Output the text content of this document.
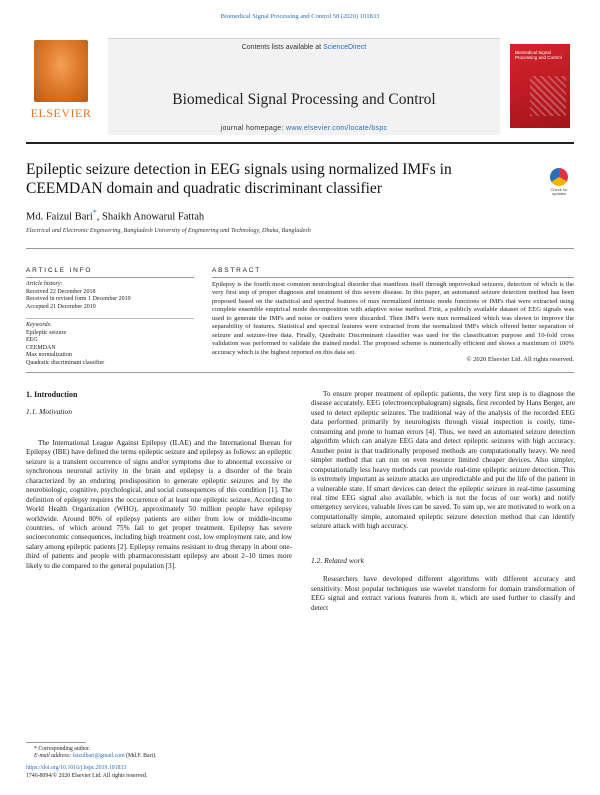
Biomedical Signal Processing and Control 58 (2020) 101833
ELSEVIER
Contents lists available at ScienceDirect
Biomedical Signal Processing and Control
journal homepage: www.elsevier.com/locate/bspc
Biomedical Signal Processing and Control
Epileptic seizure detection in EEG signals using normalized IMFs in CEEMDAN domain and quadratic discriminant classifier	Check for updates
Md. Faizul Bari*, Shaikh Anowarul Fattah
Electrical and Electronic Engineering, Bangladesh University of Engineering and Technology, Dhaka, Bangladesh
ARTICLE INFO	ABSTRACT
Article history:
Received 22 December 2018
Received in revised form 1 December 2019
Accepted 21 December 2019
Keywords:
Epileptic seizure
EEG
CEEMDAN
Max normalization
Quadratic discriminant classifier
Epilepsy is the fourth most common neurological disorder that manifests itself through unprovoked seizures, detection of which is the very first step of proper diagnosis and treatment of this severe disease. In this paper, an automated seizure detection method has been proposed based on the statistical and spectral features of max normalized intrinsic mode functions or IMFs that were extracted using complete ensemble empirical mode decomposition with adaptive noise method. First, a publicly available dataset of EEG signals was used to generate the IMFs and noise or outliers were discarded. Then IMFs were max normalized which was shown to improve the separability of features. Statistical and spectral features were extracted from the normalized IMFs which offered better separation of seizure and seizure-free data. Finally, Quadratic Discriminant classifier was used for the classification purpose and 10-fold cross validation was performed to validate the trained model. The proposed scheme is numerically efficient and shows a maximum of 100% accuracy which is the highest reported on this data set.
© 2020 Elsevier Ltd. All rights reserved.
1. Introduction
1.1. Motivation

The International League Against Epilepsy (ILAE) and the International Bureau for Epilepsy (IBE) have defined the terms epileptic seizure and epilepsy as follows: an epileptic seizure is a transient occurrence of signs and/or symptoms due to abnormal excessive or synchronous neuronal activity in the brain and epilepsy is a disorder of the brain characterized by an enduring predisposition to generate epileptic seizures and by the neurobiologic, cognitive, psychological, and social consequences of this condition [1]. The definition of epilepsy requires the occurrence of at least one epileptic seizure. According to World Health Organization (WHO), approximately 50 million people have epilepsy worldwide. Around 80% of epilepsy patients are either from low or middle-income countries, of which around 75% fail to get proper treatment. Epilepsy has severe socioeconomic consequences, including high treatment cost, low employment rate, and low salary among epileptic patients [2]. Epilepsy remains resistant to drug therapy in about one-third of patients and people with pharmacoresistant epilepsy are about 2–10 times more likely to die compared to the general population [3].

To ensure proper treatment of epileptic patients, the very first step is to diagnose the disease accurately. EEG (electroencephalogram) signals, first recorded by Hans Berger, are used to detect epileptic seizures. The traditional way of the analysis of the recorded EEG data performed primarily by neurologists through visual inspection is costly, time-consuming and prone to human errors [4]. Thus, we need an automated seizure detection algorithm which can analyze EEG data and detect epileptic seizures with high accuracy. Another point is that traditionally proposed methods are computationally heavy. We need simpler method that can run on even resource limited cheaper devices. Also simpler, computationally less heavy methods can provide real-time epileptic seizure detection. This is extremely important as seizure attacks are unpredictable and put the life of the patient in a vulnerable state. If smart devices can detect the epileptic seizure in real-time (assuming real time EEG signal also available, which is not the focus of our work) and notify emergency services, valuable lives can be saved. To sum up, we are motivated to work on a computationally simple, automated epileptic seizure detection method that can identify seizure attack with high accuracy.

1.2. Related work

Researchers have developed different algorithms with different accuracy and sensitivity. Most popular techniques use wavelet transform for domain transformation of EEG signal and extract various features from it, which are used further to classify and detect

* Corresponding author.
E-mail address: faizulbari@gmail.com (Md.F. Bari).
https://doi.org/10.1016/j.bspc.2019.101833
1746-8094/© 2020 Elsevier Ltd. All rights reserved.
